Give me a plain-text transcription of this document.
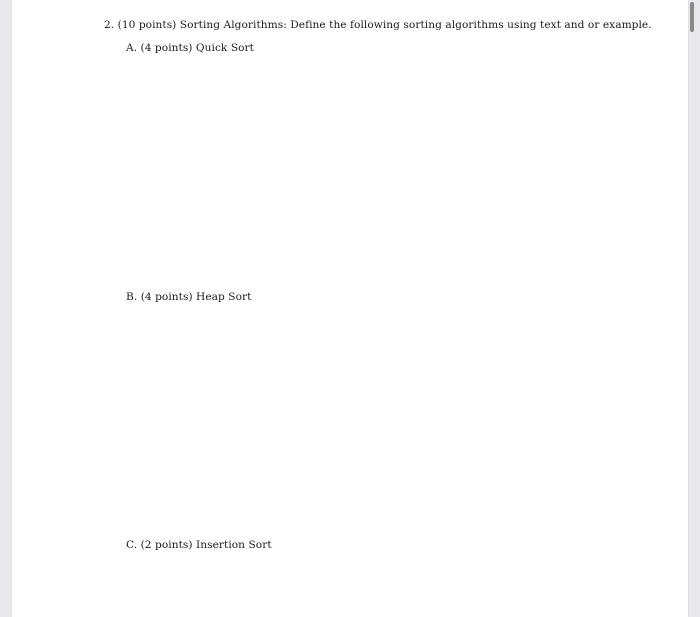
2. (10 points) Sorting Algorithms: Define the following sorting algorithms using text and or example.
A. (4 points) Quick Sort
B. (4 points) Heap Sort
C. (2 points) Insertion Sort
